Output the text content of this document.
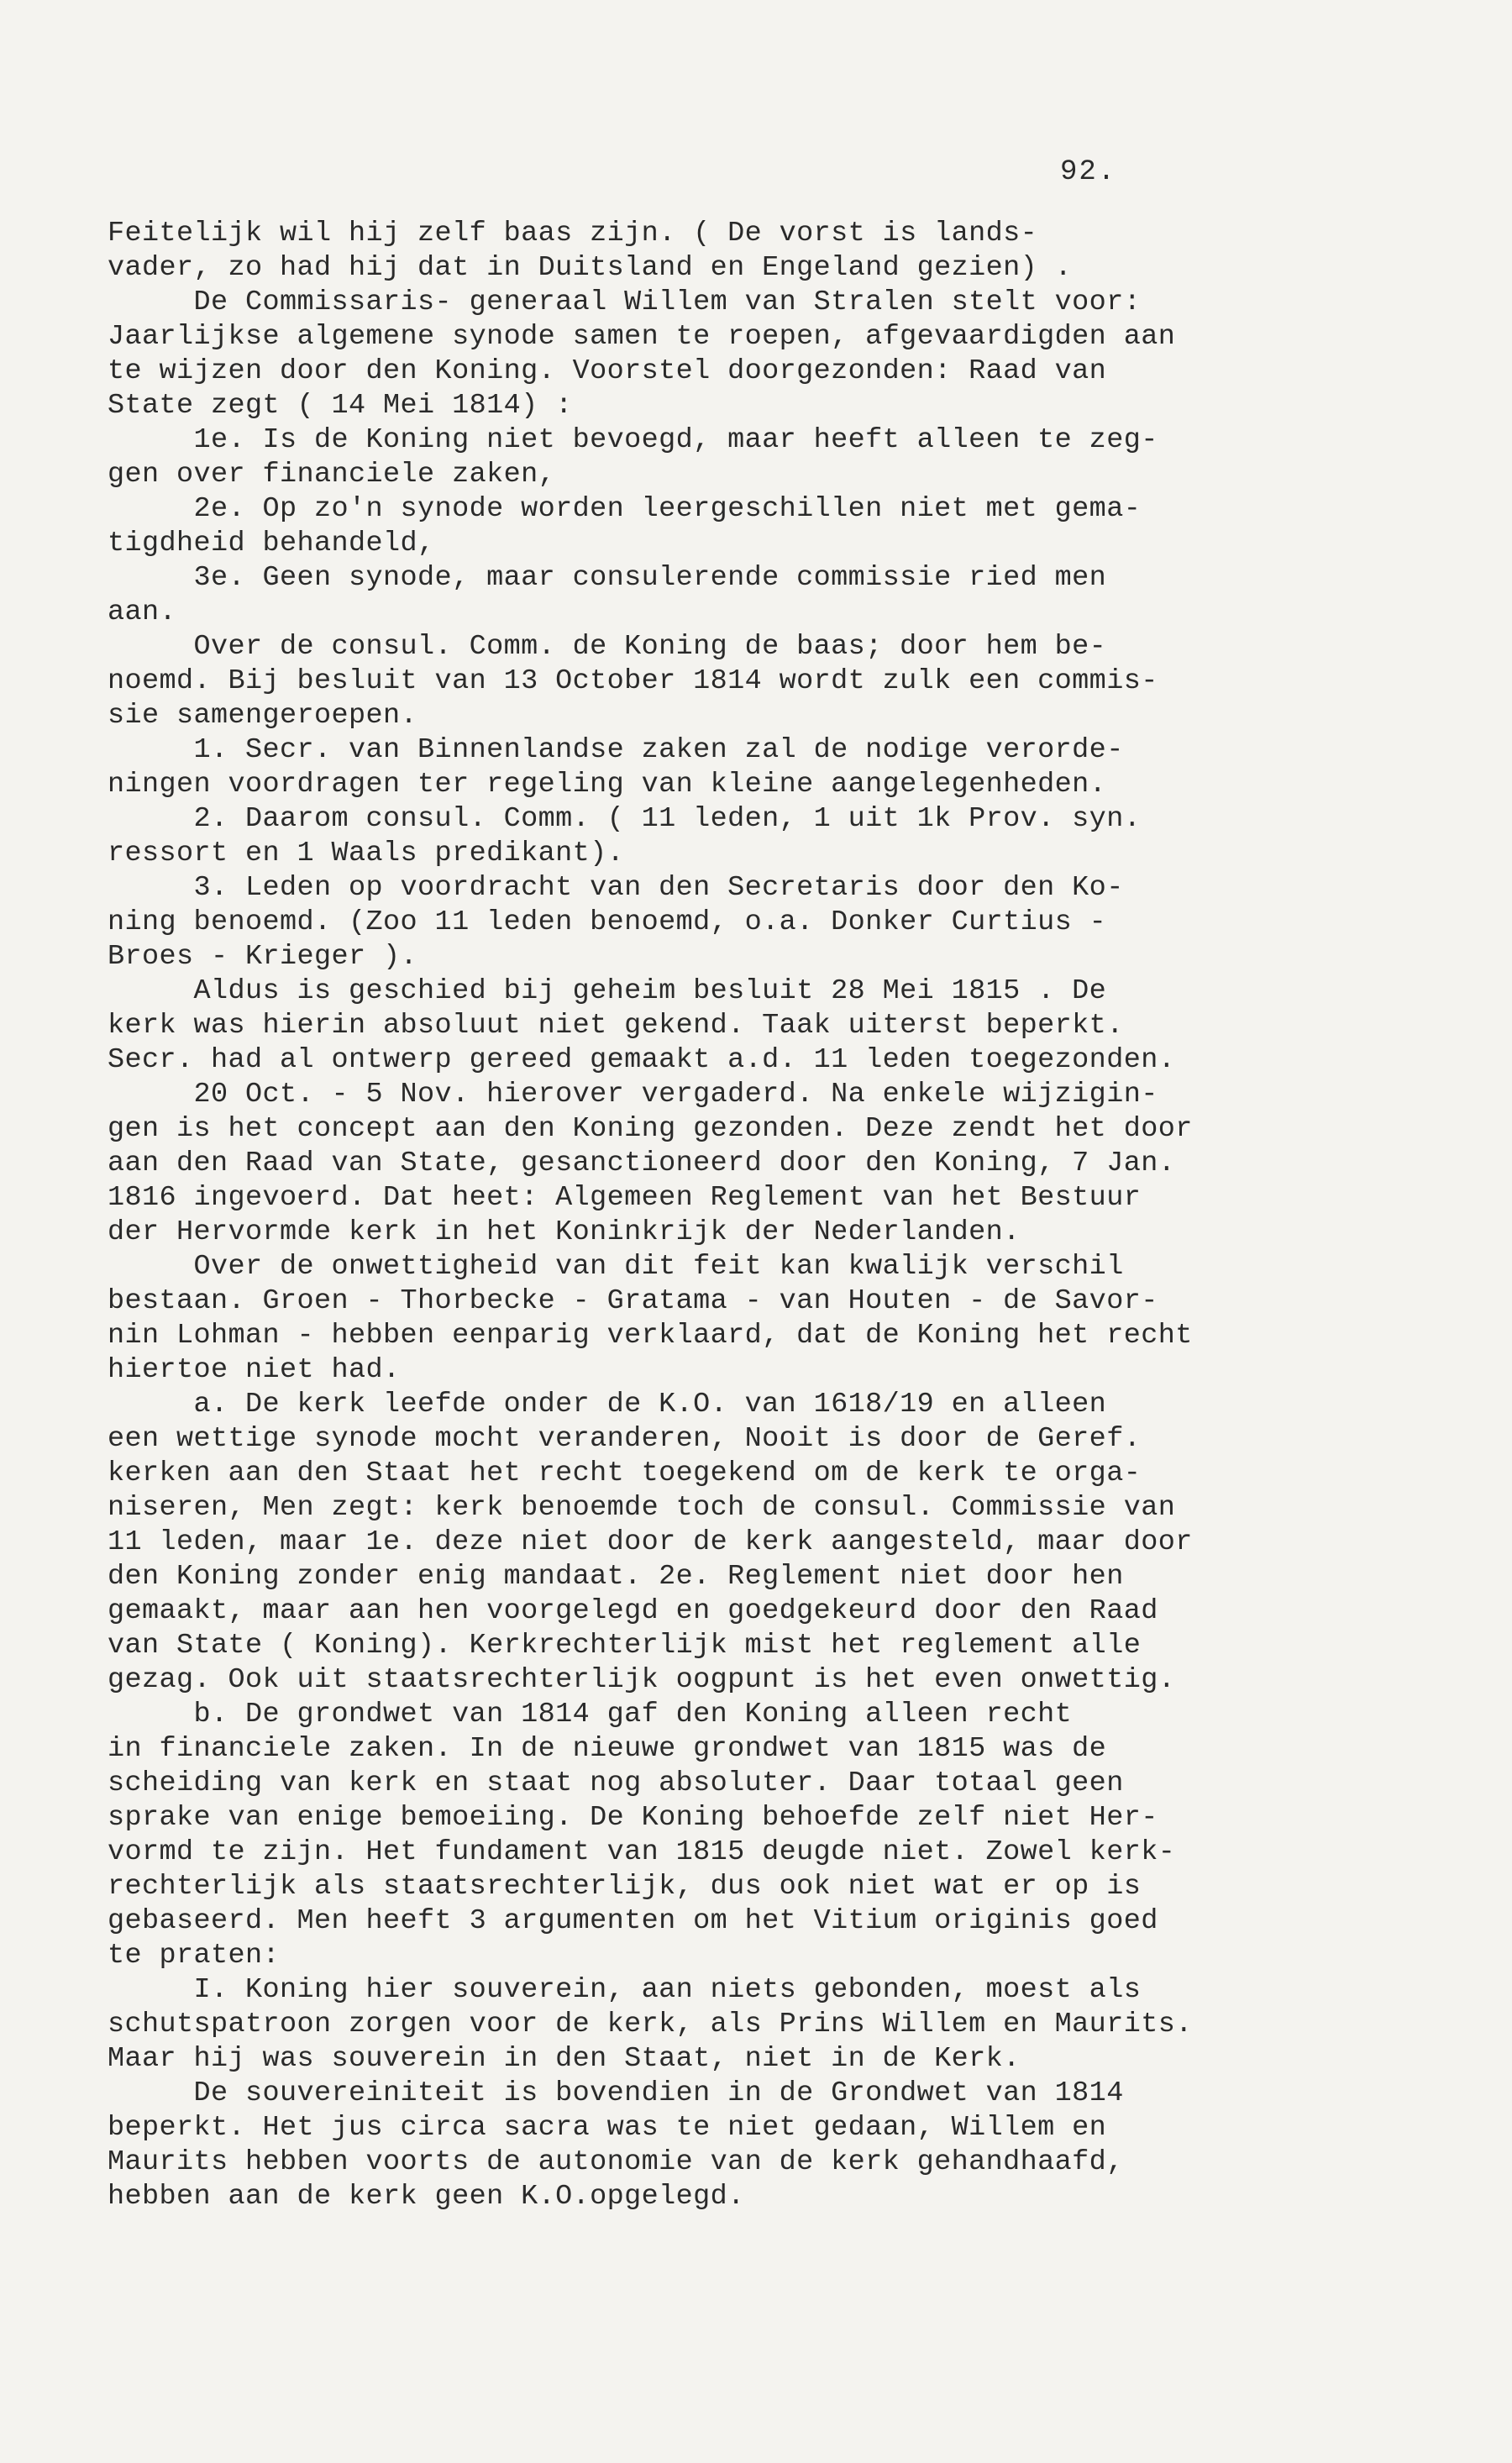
92.
Feitelijk wil hij zelf baas zijn. ( De vorst is lands-
vader, zo had hij dat in Duitsland en Engeland gezien) .
De Commissaris- generaal Willem van Stralen stelt voor:
Jaarlijkse algemene synode samen te roepen, afgevaardigden aan
te wijzen door den Koning. Voorstel doorgezonden: Raad van
State zegt ( 14 Mei 1814) :
1e. Is de Koning niet bevoegd, maar heeft alleen te zeg-
gen over financiele zaken,
2e. Op zo'n synode worden leergeschillen niet met gema-
tigdheid behandeld,
3e. Geen synode, maar consulerende commissie ried men
aan.
Over de consul. Comm. de Koning de baas; door hem be-
noemd. Bij besluit van 13 October 1814 wordt zulk een commis-
sie samengeroepen.
1. Secr. van Binnenlandse zaken zal de nodige verorde-
ningen voordragen ter regeling van kleine aangelegenheden.
2. Daarom consul. Comm. ( 11 leden, 1 uit 1k Prov. syn.
ressort en 1 Waals predikant).
3. Leden op voordracht van den Secretaris door den Ko-
ning benoemd. (Zoo 11 leden benoemd, o.a. Donker Curtius -
Broes - Krieger ).
Aldus is geschied bij geheim besluit 28 Mei 1815 . De
kerk was hierin absoluut niet gekend. Taak uiterst beperkt.
Secr. had al ontwerp gereed gemaakt a.d. 11 leden toegezonden.
20 Oct. - 5 Nov. hierover vergaderd. Na enkele wijzigin-
gen is het concept aan den Koning gezonden. Deze zendt het door
aan den Raad van State, gesanctioneerd door den Koning, 7 Jan.
1816 ingevoerd. Dat heet: Algemeen Reglement van het Bestuur
der Hervormde kerk in het Koninkrijk der Nederlanden.
Over de onwettigheid van dit feit kan kwalijk verschil
bestaan. Groen - Thorbecke - Gratama - van Houten - de Savor-
nin Lohman - hebben eenparig verklaard, dat de Koning het recht
hiertoe niet had.
a. De kerk leefde onder de K.O. van 1618/19 en alleen
een wettige synode mocht veranderen, Nooit is door de Geref.
kerken aan den Staat het recht toegekend om de kerk te orga-
niseren, Men zegt: kerk benoemde toch de consul. Commissie van
11 leden, maar 1e. deze niet door de kerk aangesteld, maar door
den Koning zonder enig mandaat. 2e. Reglement niet door hen
gemaakt, maar aan hen voorgelegd en goedgekeurd door den Raad
van State ( Koning). Kerkrechterlijk mist het reglement alle
gezag. Ook uit staatsrechterlijk oogpunt is het even onwettig.
b. De grondwet van 1814 gaf den Koning alleen recht
in financiele zaken. In de nieuwe grondwet van 1815 was de
scheiding van kerk en staat nog absoluter. Daar totaal geen
sprake van enige bemoeiing. De Koning behoefde zelf niet Her-
vormd te zijn. Het fundament van 1815 deugde niet. Zowel kerk-
rechterlijk als staatsrechterlijk, dus ook niet wat er op is
gebaseerd. Men heeft 3 argumenten om het Vitium originis goed
te praten:
I. Koning hier souverein, aan niets gebonden, moest als
schutspatroon zorgen voor de kerk, als Prins Willem en Maurits.
Maar hij was souverein in den Staat, niet in de Kerk.
De souvereiniteit is bovendien in de Grondwet van 1814
beperkt. Het jus circa sacra was te niet gedaan, Willem en
Maurits hebben voorts de autonomie van de kerk gehandhaafd,
hebben aan de kerk geen K.O.opgelegd.
